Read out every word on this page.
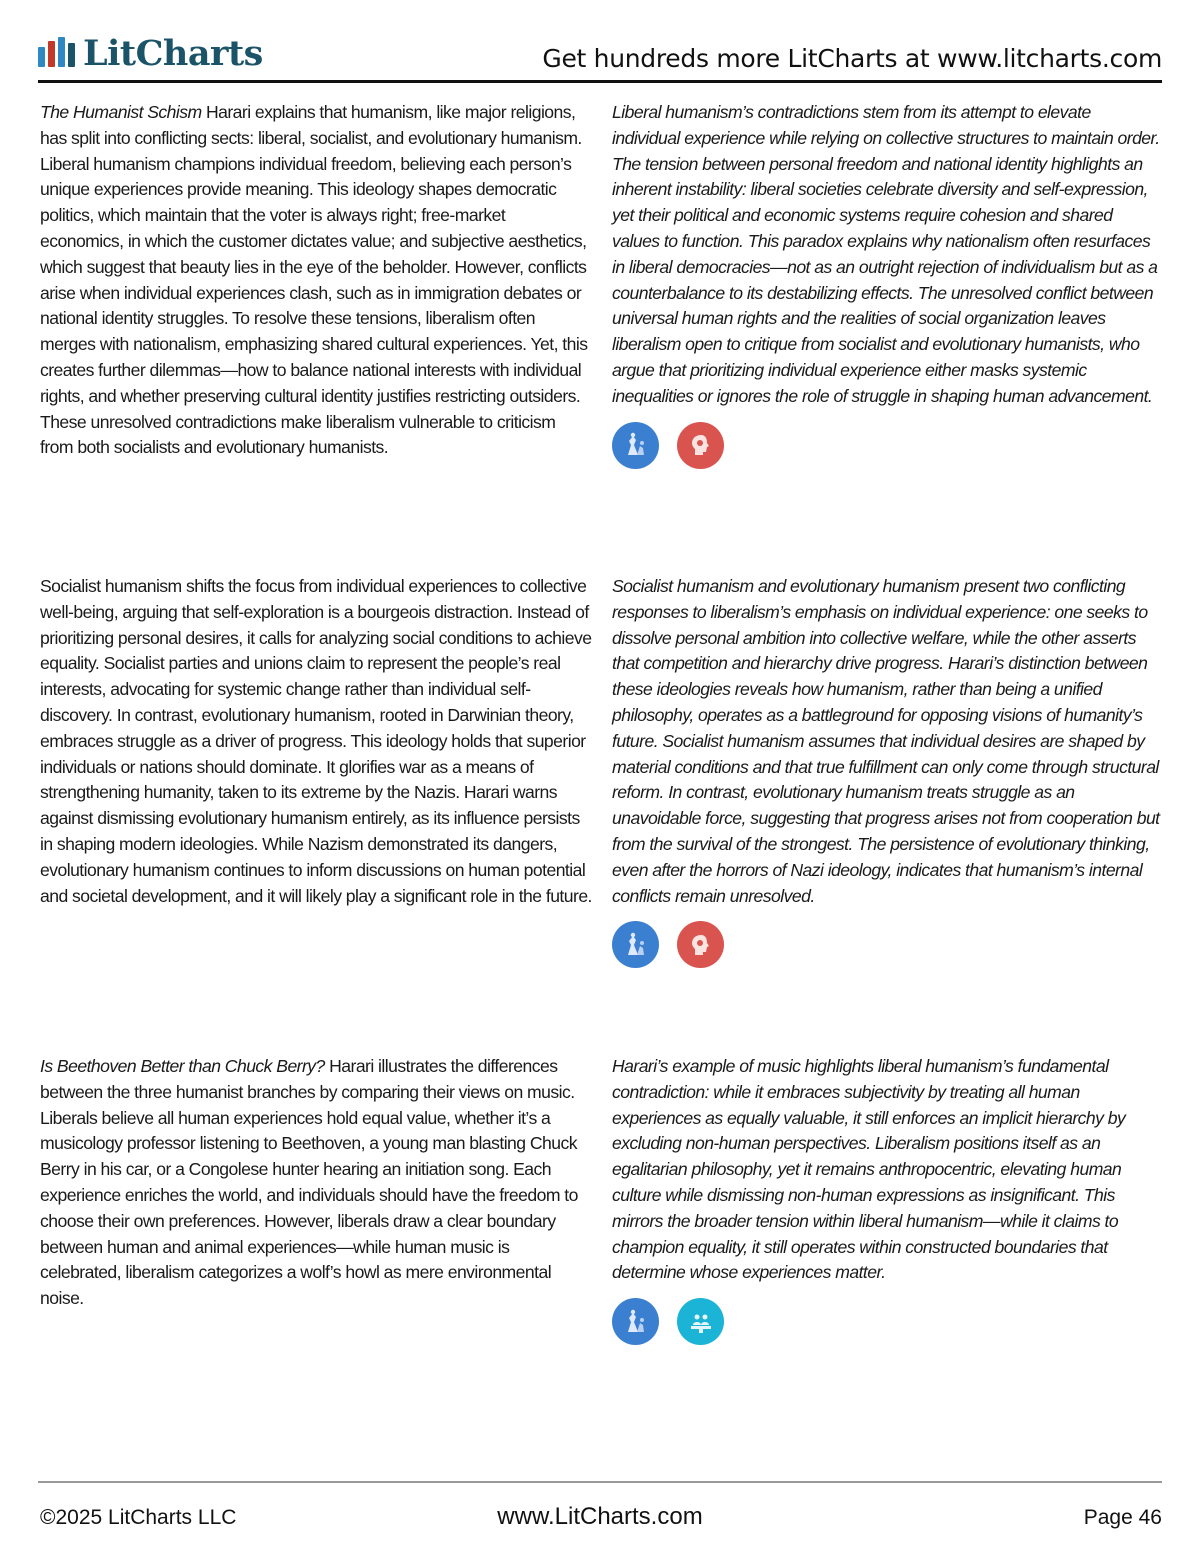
LitCharts	Get hundreds more LitCharts at www.litcharts.com

The Humanist Schism Harari explains that humanism, like major religions, has split into conflicting sects: liberal, socialist, and evolutionary humanism. Liberal humanism champions individual freedom, believing each person’s unique experiences provide meaning. This ideology shapes democratic politics, which maintain that the voter is always right; free-market economics, in which the customer dictates value; and subjective aesthetics, which suggest that beauty lies in the eye of the beholder. However, conflicts arise when individual experiences clash, such as in immigration debates or national identity struggles. To resolve these tensions, liberalism often merges with nationalism, emphasizing shared cultural experiences. Yet, this creates further dilemmas—how to balance national interests with individual rights, and whether preserving cultural identity justifies restricting outsiders. These unresolved contradictions make liberalism vulnerable to criticism from both socialists and evolutionary humanists.

Liberal humanism’s contradictions stem from its attempt to elevate individual experience while relying on collective structures to maintain order. The tension between personal freedom and national identity highlights an inherent instability: liberal societies celebrate diversity and self-expression, yet their political and economic systems require cohesion and shared values to function. This paradox explains why nationalism often resurfaces in liberal democracies—not as an outright rejection of individualism but as a counterbalance to its destabilizing effects. The unresolved conflict between universal human rights and the realities of social organization leaves liberalism open to critique from socialist and evolutionary humanists, who argue that prioritizing individual experience either masks systemic inequalities or ignores the role of struggle in shaping human advancement.

Socialist humanism shifts the focus from individual experiences to collective well-being, arguing that self-exploration is a bourgeois distraction. Instead of prioritizing personal desires, it calls for analyzing social conditions to achieve equality. Socialist parties and unions claim to represent the people’s real interests, advocating for systemic change rather than individual self-discovery. In contrast, evolutionary humanism, rooted in Darwinian theory, embraces struggle as a driver of progress. This ideology holds that superior individuals or nations should dominate. It glorifies war as a means of strengthening humanity, taken to its extreme by the Nazis. Harari warns against dismissing evolutionary humanism entirely, as its influence persists in shaping modern ideologies. While Nazism demonstrated its dangers, evolutionary humanism continues to inform discussions on human potential and societal development, and it will likely play a significant role in the future.

Socialist humanism and evolutionary humanism present two conflicting responses to liberalism’s emphasis on individual experience: one seeks to dissolve personal ambition into collective welfare, while the other asserts that competition and hierarchy drive progress. Harari’s distinction between these ideologies reveals how humanism, rather than being a unified philosophy, operates as a battleground for opposing visions of humanity’s future. Socialist humanism assumes that individual desires are shaped by material conditions and that true fulfillment can only come through structural reform. In contrast, evolutionary humanism treats struggle as an unavoidable force, suggesting that progress arises not from cooperation but from the survival of the strongest. The persistence of evolutionary thinking, even after the horrors of Nazi ideology, indicates that humanism’s internal conflicts remain unresolved.

Is Beethoven Better than Chuck Berry? Harari illustrates the differences between the three humanist branches by comparing their views on music. Liberals believe all human experiences hold equal value, whether it’s a musicology professor listening to Beethoven, a young man blasting Chuck Berry in his car, or a Congolese hunter hearing an initiation song. Each experience enriches the world, and individuals should have the freedom to choose their own preferences. However, liberals draw a clear boundary between human and animal experiences—while human music is celebrated, liberalism categorizes a wolf’s howl as mere environmental noise.

Harari’s example of music highlights liberal humanism’s fundamental contradiction: while it embraces subjectivity by treating all human experiences as equally valuable, it still enforces an implicit hierarchy by excluding non-human perspectives. Liberalism positions itself as an egalitarian philosophy, yet it remains anthropocentric, elevating human culture while dismissing non-human expressions as insignificant. This mirrors the broader tension within liberal humanism—while it claims to champion equality, it still operates within constructed boundaries that determine whose experiences matter.

©2025 LitCharts LLC	www.LitCharts.com	Page 46
